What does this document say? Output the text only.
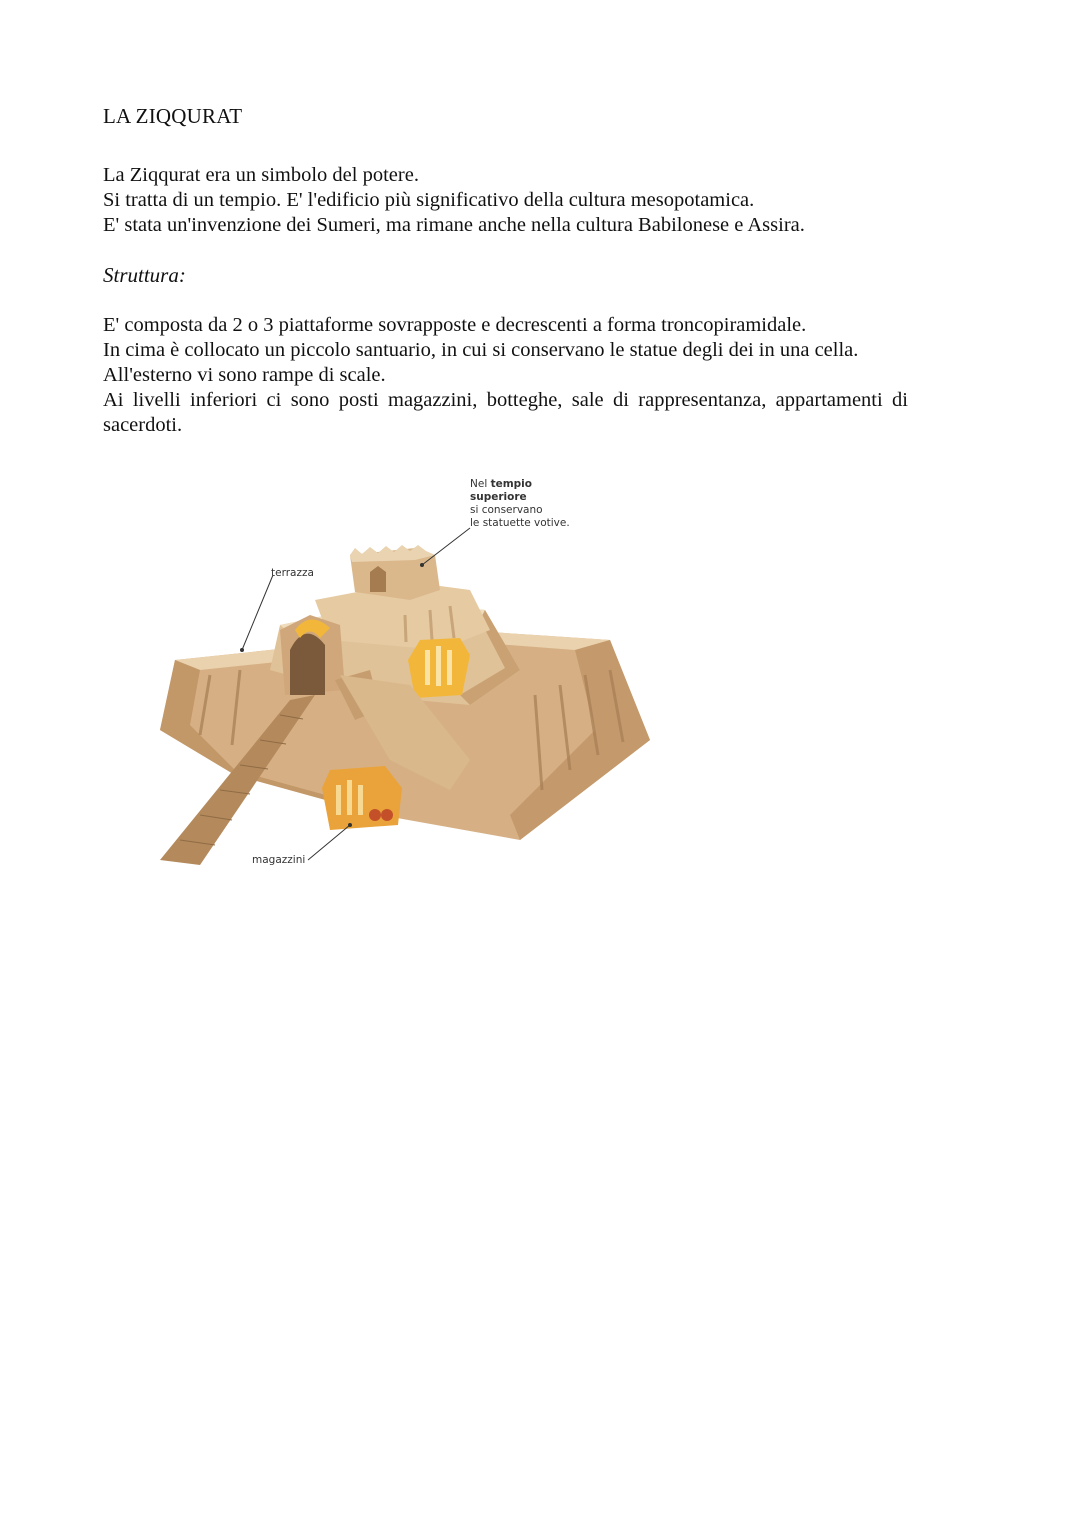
LA ZIQQURAT
La Ziqqurat era un simbolo del potere.
Si tratta di un tempio. E' l'edificio più significativo della cultura mesopotamica.
E' stata un'invenzione dei Sumeri, ma rimane anche nella cultura Babilonese e Assira.
Struttura:
E' composta da 2 o 3 piattaforme sovrapposte e decrescenti a forma troncopiramidale.
In cima è collocato un piccolo santuario, in cui si conservano le statue degli dei in una cella.
All'esterno vi sono rampe di scale.
Ai livelli inferiori ci sono posti magazzini, botteghe, sale di rappresentanza, appartamenti di
sacerdoti.
Nel tempio
superiore
si conservano
le statuette votive.
terrazza
magazzini
